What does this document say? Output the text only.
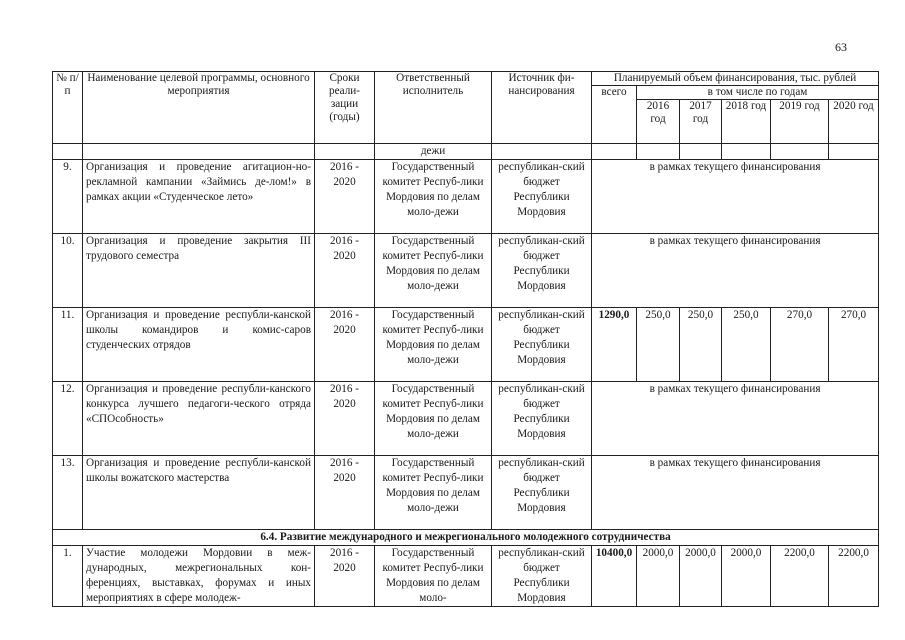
63
№ п/ п	Наименование целевой программы, основного мероприятия	Сроки реали- зации (годы)	Ответственный исполнитель	Источник фи- нансирования	Планируемый объем финансирования, тыс. рублей					
					всего	в том числе по годам				
						2016 год	2017 год	2018 год	2019 год	2020 год
			дежи							
9.	Организация и проведение агитацион-но-рекламной кампании «Займись де-лом!» в рамках акции «Студенческое лето»	2016 - 2020	Государственный комитет Респуб-лики Мордовия по делам моло-дежи	республикан-ский бюджет Республики Мордовия	в рамках текущего финансирования					
10.	Организация и проведение закрытия III трудового семестра	2016 - 2020	Государственный комитет Респуб-лики Мордовия по делам моло-дежи	республикан-ский бюджет Республики Мордовия	в рамках текущего финансирования					
11.	Организация и проведение республи-канской школы командиров и комис-саров студенческих отрядов	2016 - 2020	Государственный комитет Респуб-лики Мордовия по делам моло-дежи	республикан-ский бюджет Республики Мордовия	1290,0	250,0	250,0	250,0	270,0	270,0
12.	Организация и проведение республи-канского конкурса лучшего педагоги-ческого отряда «СПОсобность»	2016 - 2020	Государственный комитет Респуб-лики Мордовия по делам моло-дежи	республикан-ский бюджет Республики Мордовия	в рамках текущего финансирования					
13.	Организация и проведение республи-канской школы вожатского мастерства	2016 - 2020	Государственный комитет Респуб-лики Мордовия по делам моло-дежи	республикан-ский бюджет Республики Мордовия	в рамках текущего финансирования					
6.4. Развитие международного и межрегионального молодежного сотрудничества										
1.	Участие молодежи Мордовии в меж-дународных, межрегиональных кон-ференциях, выставках, форумах и иных мероприятиях в сфере молодеж-	2016 - 2020	Государственный комитет Респуб-лики Мордовия по делам моло-	республикан-ский бюджет Республики Мордовия	10400,0	2000,0	2000,0	2000,0	2200,0	2200,0
